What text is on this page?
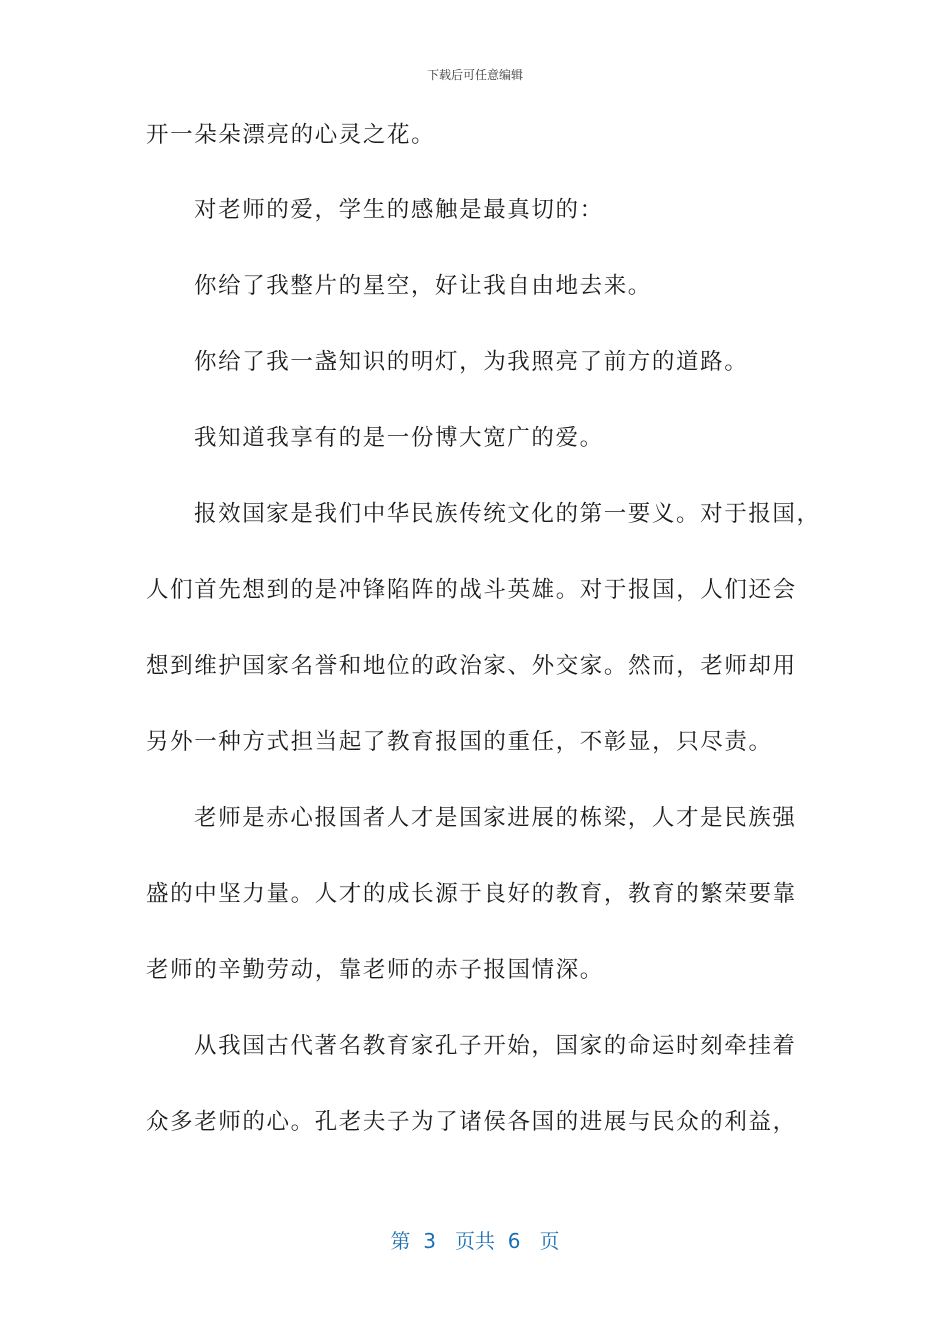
下载后可任意编辑
开一朵朵漂亮的心灵之花。
对老师的爱，学生的感触是最真切的：
你给了我整片的星空，好让我自由地去来。
你给了我一盏知识的明灯，为我照亮了前方的道路。
我知道我享有的是一份博大宽广的爱。
报效国家是我们中华民族传统文化的第一要义。对于报国，
人们首先想到的是冲锋陷阵的战斗英雄。对于报国，人们还会
想到维护国家名誉和地位的政治家、外交家。然而，老师却用
另外一种方式担当起了教育报国的重任，不彰显，只尽责。
老师是赤心报国者人才是国家进展的栋梁，人才是民族强
盛的中坚力量。人才的成长源于良好的教育，教育的繁荣要靠
老师的辛勤劳动，靠老师的赤子报国情深。
从我国古代著名教育家孔子开始，国家的命运时刻牵挂着
众多老师的心。孔老夫子为了诸侯各国的进展与民众的利益，
第 3 页共 6 页
